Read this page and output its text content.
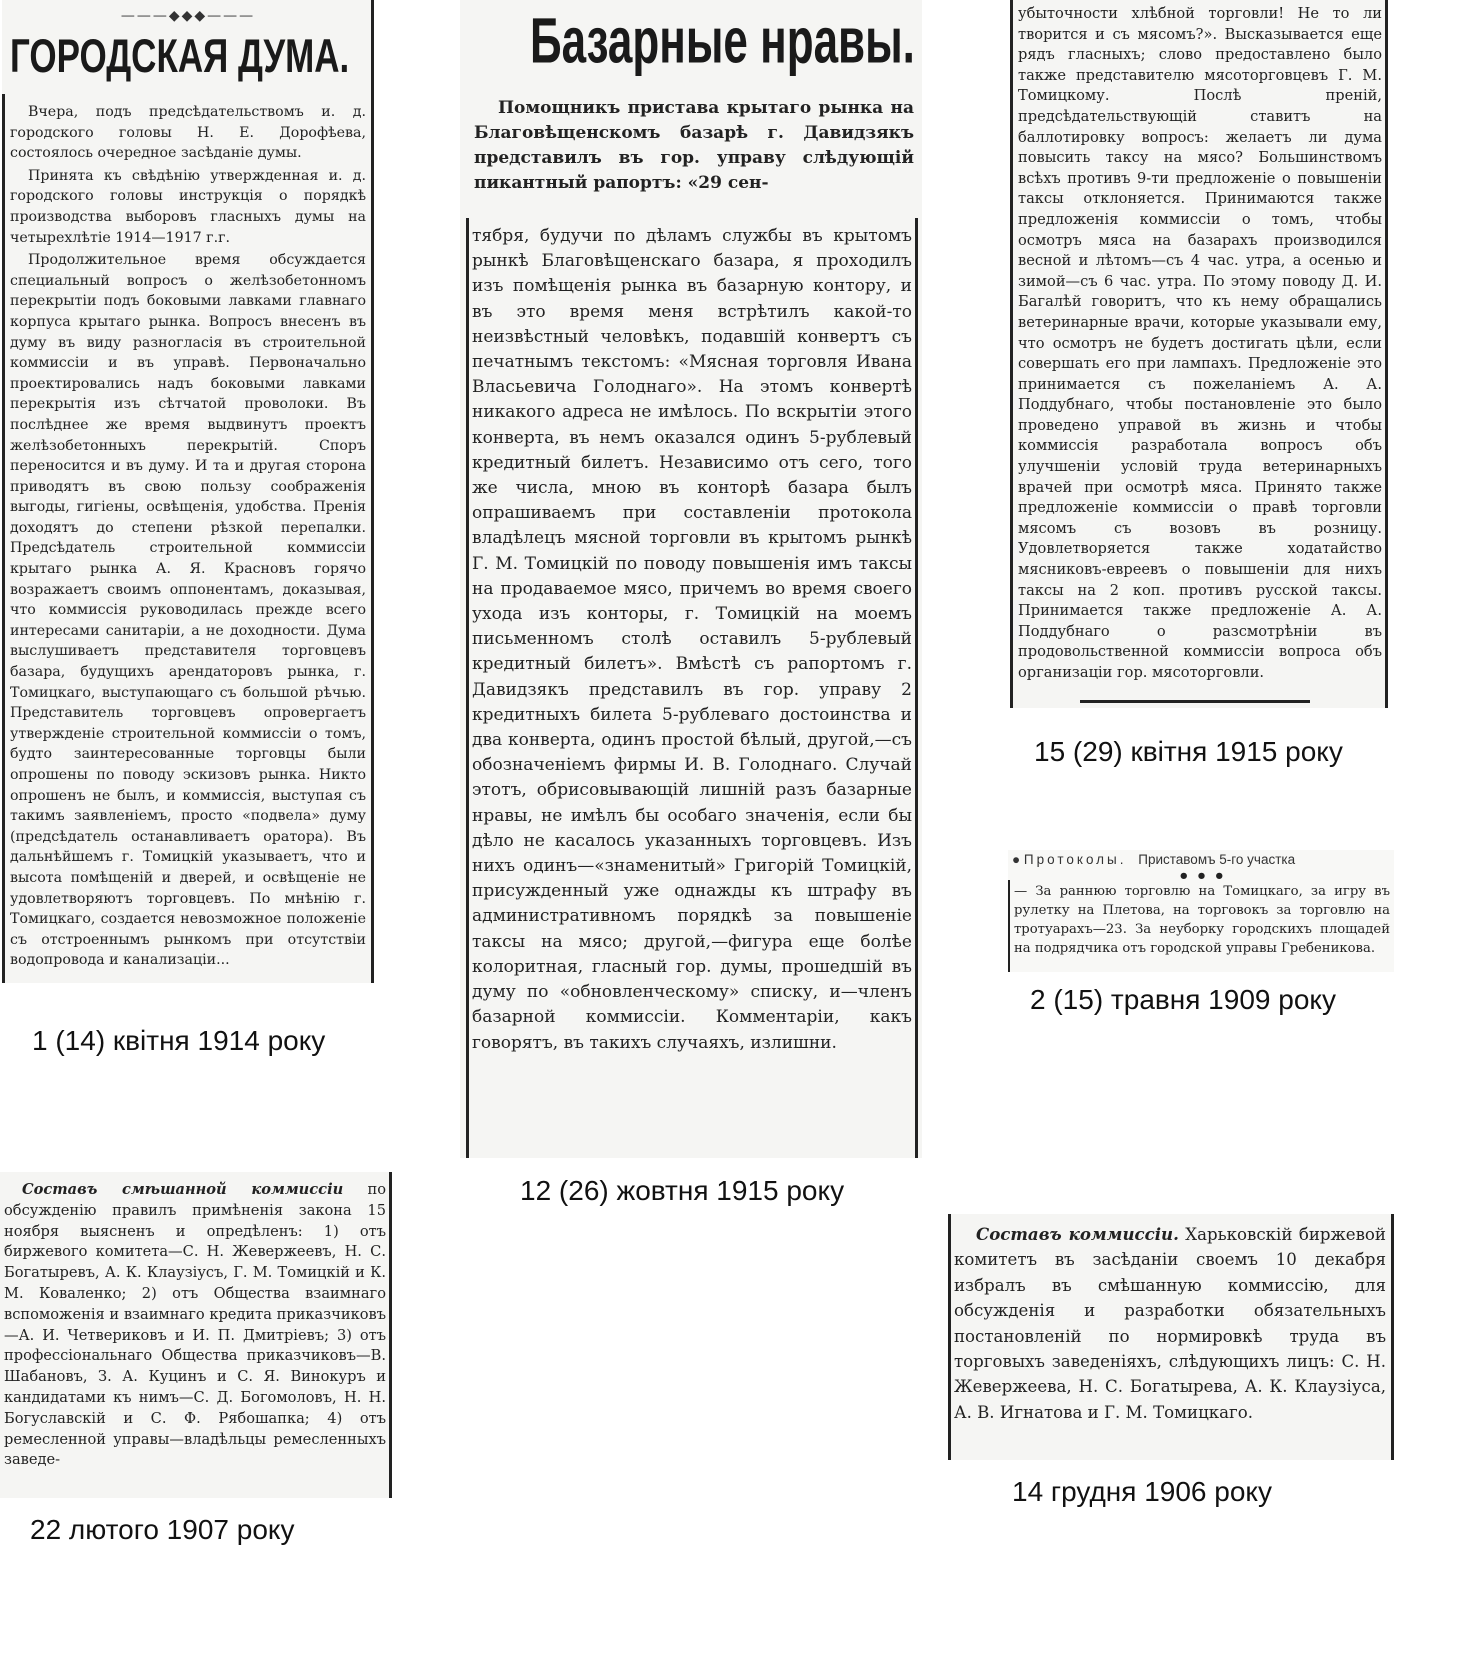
———◆◆◆———
ГОРОДСКАЯ ДУМА.

Вчера, подъ предсѣдательствомъ и. д. городского головы Н. Е. Дорофѣева, состоялось очередное засѣданіе думы.

Принята къ свѣдѣнію утвержденная и. д. городского головы инструкція о порядкѣ производства выборовъ гласныхъ думы на четырехлѣтіе 1914—1917 г.г.

Продолжительное время обсуждается специальный вопросъ о желѣзобетонномъ перекрытіи подъ боковыми лавками главнаго корпуса крытаго рынка. Вопросъ внесенъ въ думу въ виду разногласія въ строительной коммиссіи и въ управѣ. Первоначально проектировались надъ боковыми лавками перекрытія изъ сѣтчатой проволоки. Въ послѣднее же время выдвинутъ проектъ желѣзобетонныхъ перекрытій. Споръ переносится и въ думу. И та и другая сторона приводятъ въ свою пользу соображенія выгоды, гигіены, освѣщенія, удобства. Пренія доходятъ до степени рѣзкой перепалки. Предсѣдатель строительной коммиссіи крытаго рынка А. Я. Красновъ горячо возражаетъ своимъ оппонентамъ, доказывая, что коммиссія руководилась прежде всего интересами санитаріи, а не доходности. Дума выслушиваетъ представителя торговцевъ базара, будущихъ арендаторовъ рынка, г. Томицкаго, выступающаго съ большой рѣчью. Представитель торговцевъ опровергаетъ утвержденіе строительной коммиссіи о томъ, будто заинтересованные торговцы были опрошены по поводу эскизовъ рынка. Никто опрошенъ не былъ, и коммиссія, выступая съ такимъ заявленіемъ, просто «подвела» думу (предсѣдатель останавливаетъ оратора). Въ дальнѣйшемъ г. Томицкій указываетъ, что и высота помѣщеній и дверей, и освѣщеніе не удовлетворяютъ торговцевъ. По мнѣнію г. Томицкаго, создается невозможное положеніе съ отстроеннымъ рынкомъ при отсутствіи водопровода и канализаціи...

1 (14) квітня 1914 року
Базарные нравы.

Помощникъ пристава крытаго рынка на Благовѣщенскомъ базарѣ г. Давидзякъ представилъ въ гор. управу слѣдующій пикантный рапортъ: «29 сен-

тября, будучи по дѣламъ службы въ крытомъ рынкѣ Благовѣщенскаго базара, я проходилъ изъ помѣщенія рынка въ базарную контору, и въ это время меня встрѣтилъ какой-то неизвѣстный человѣкъ, подавшій конвертъ съ печатнымъ текстомъ: «Мясная торговля Ивана Власьевича Голоднаго». На этомъ конвертѣ никакого адреса не имѣлось. По вскрытіи этого конверта, въ немъ оказался одинъ 5-рублевый кредитный билетъ. Независимо отъ сего, того же числа, мною въ конторѣ базара былъ опрашиваемъ при составленіи протокола владѣлецъ мясной торговли въ крытомъ рынкѣ Г. М. Томицкій по поводу повышенія имъ таксы на продаваемое мясо, причемъ во время своего ухода изъ конторы, г. Томицкій на моемъ письменномъ столѣ оставилъ 5-рублевый кредитный билетъ». Вмѣстѣ съ рапортомъ г. Давидзякъ представилъ въ гор. управу 2 кредитныхъ билета 5-рублеваго достоинства и два конверта, одинъ простой бѣлый, другой,—съ обозначеніемъ фирмы И. В. Голоднаго. Случай этотъ, обрисовывающій лишній разъ базарные нравы, не имѣлъ бы особаго значенія, если бы дѣло не касалось указанныхъ торговцевъ. Изъ нихъ одинъ—«знаменитый» Григорій Томицкій, присужденный уже однажды къ штрафу въ административномъ порядкѣ за повышеніе таксы на мясо; другой,—фигура еще болѣе колоритная, гласный гор. думы, прошедшій въ думу по «обновленческому» списку, и—членъ базарной коммиссіи. Комментаріи, какъ говорятъ, въ такихъ случаяхъ, излишни.

12 (26) жовтня 1915 року

убыточности хлѣбной торговли! Не то ли творится и съ мясомъ?». Высказывается еще рядъ гласныхъ; слово предоставлено было также представителю мясоторговцевъ Г. М. Томицкому. Послѣ преній, предсѣдательствующій ставитъ на баллотировку вопросъ: желаетъ ли дума повысить таксу на мясо? Большинствомъ всѣхъ противъ 9-ти предложеніе о повышеніи таксы отклоняется. Принимаются также предложенія коммиссіи о томъ, чтобы осмотръ мяса на базарахъ производился весной и лѣтомъ—съ 4 час. утра, а осенью и зимой—съ 6 час. утра. По этому поводу Д. И. Багалѣй говоритъ, что къ нему обращались ветеринарные врачи, которые указывали ему, что осмотръ не будетъ достигать цѣли, если совершать его при лампахъ. Предложеніе это принимается съ пожеланіемъ А. А. Поддубнаго, чтобы постановленіе это было проведено управой въ жизнь и чтобы коммиссія разработала вопросъ объ улучшеніи условій труда ветеринарныхъ врачей при осмотрѣ мяса. Принято также предложеніе коммиссіи о правѣ торговли мясомъ съ возовъ въ розницу. Удовлетворяется также ходатайство мясниковъ-евреевъ о повышеніи для нихъ таксы на 2 коп. противъ русской таксы. Принимается также предложеніе А. А. Поддубнаго о разсмотрѣніи въ продовольственной коммиссіи вопроса объ организаціи гор. мясоторговли.

15 (29) квітня 1915 року
● Протоколы. Приставомъ 5-го участка
• • •

— За раннюю торговлю на Томицкаго, за игру въ рулетку на Плетова, на торговокъ за торговлю на тротуарахъ—23. За неуборку городскихъ площадей на подрядчика отъ городской управы Гребеникова.

2 (15) травня 1909 року

Составъ смѣшанной коммиссіи по обсужденію правилъ примѣненія закона 15 ноября выясненъ и опредѣленъ: 1) отъ биржевого комитета—С. Н. Жевержеевъ, Н. С. Богатыревъ, А. К. Клаузіусъ, Г. М. Томицкій и К. М. Коваленко; 2) отъ Общества взаимнаго вспоможенія и взаимнаго кредита приказчиковъ—А. И. Четвериковъ и И. П. Дмитріевъ; 3) отъ профессіональнаго Общества приказчиковъ—В. Шабановъ, З. А. Куцинъ и С. Я. Винокуръ и кандидатами къ нимъ—С. Д. Богомоловъ, Н. Н. Богуславскій и С. Ф. Рябошапка; 4) отъ ремесленной управы—владѣльцы ремесленныхъ заведе-

22 лютого 1907 року

Составъ коммиссіи. Харьковскій биржевой комитетъ въ засѣданіи своемъ 10 декабря избралъ въ смѣшанную коммиссію, для обсужденія и разработки обязательныхъ постановленій по нормировкѣ труда въ торговыхъ заведеніяхъ, слѣдующихъ лицъ: С. Н. Жевержеева, Н. С. Богатырева, А. К. Клаузіуса, А. В. Игнатова и Г. М. Томицкаго.

14 грудня 1906 року
